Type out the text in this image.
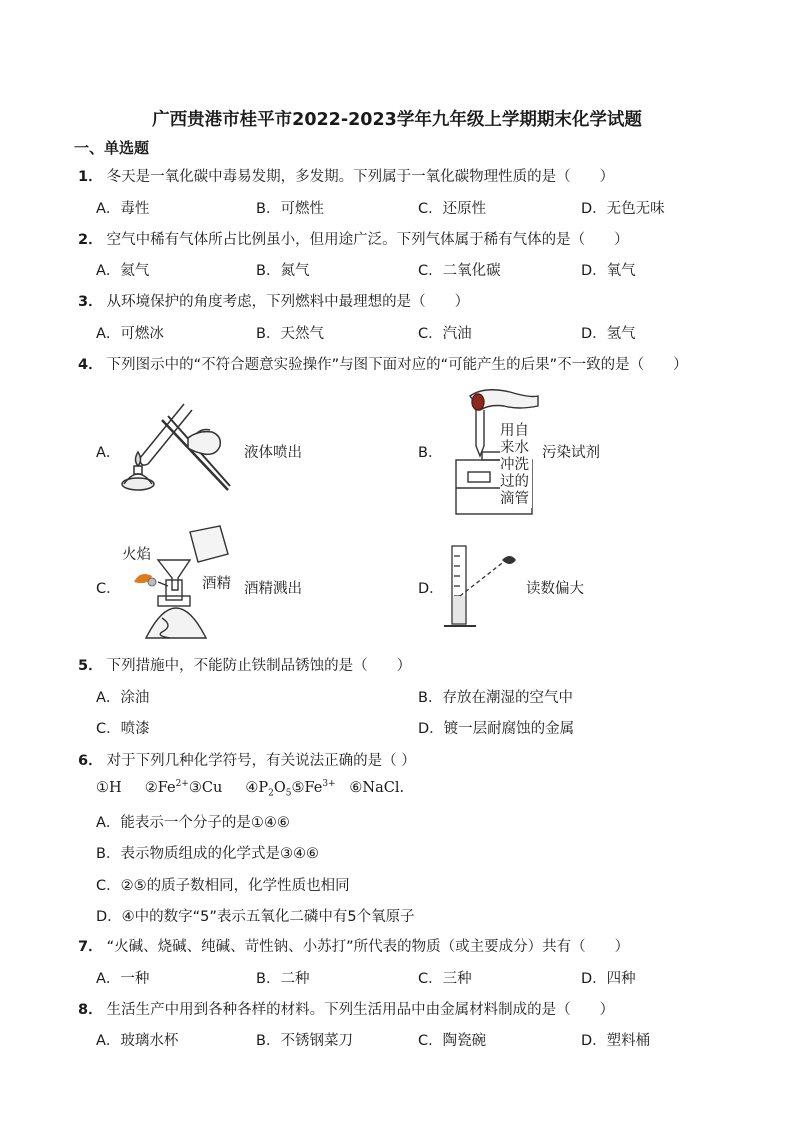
广西贵港市桂平市2022-2023学年九年级上学期期末化学试题
一、单选题
1． 冬天是一氧化碳中毒易发期，多发期。下列属于一氧化碳物理性质的是（　　）
A．毒性	B．可燃性	C．还原性	D．无色无味
2． 空气中稀有气体所占比例虽小，但用途广泛。下列气体属于稀有气体的是（　　）
A．氦气	B．氮气	C．二氧化碳	D．氧气
3． 从环境保护的角度考虑，下列燃料中最理想的是（　　）
A．可燃冰	B．天然气	C．汽油	D．氢气
4． 下列图示中的“不符合题意实验操作”与图下面对应的“可能产生的后果”不一致的是（　　）
A．	液体喷出	B．
用自
来水
冲洗
过的
滴管
污染试剂
C．
火焰
酒精 酒精溅出	D．	读数偏大
5． 下列措施中，不能防止铁制品锈蚀的是（　　）
A．涂油	B．存放在潮湿的空气中
C．喷漆	D．镀一层耐腐蚀的金属
6． 对于下列几种化学符号，有关说法正确的是（ ）
①H $②Fe^{2+}③Cu$ $④P_2O_5⑤Fe^{3+}$ ⑥NaCl.
A．能表示一个分子的是①④⑥
B．表示物质组成的化学式是③④⑥
C．②⑤的质子数相同，化学性质也相同
D．④中的数字“5”表示五氧化二磷中有5个氧原子
7． “火碱、烧碱、纯碱、苛性钠、小苏打”所代表的物质（或主要成分）共有（　　）
A．一种	B．二种	C．三种	D．四种
8． 生活生产中用到各种各样的材料。下列生活用品中由金属材料制成的是（　　）
A．玻璃水杯	B．不锈钢菜刀	C．陶瓷碗	D．塑料桶
